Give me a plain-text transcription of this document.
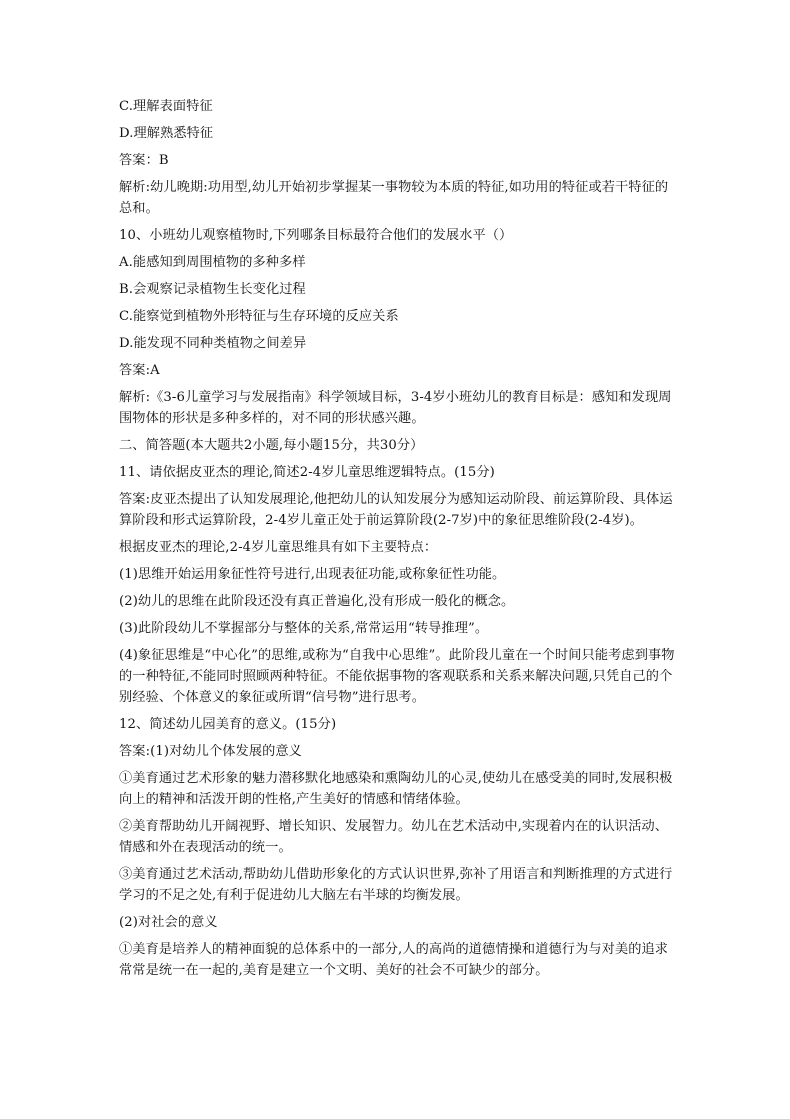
C.理解表面特征

D.理解熟悉特征

答案：B

解析:幼儿晚期:功用型,幼儿开始初步掌握某一事物较为本质的特征,如功用的特征或若干特征的总和。

10、小班幼儿观察植物时,下列哪条目标最符合他们的发展水平（）

A.能感知到周围植物的多种多样

B.会观察记录植物生长变化过程

C.能察觉到植物外形特征与生存环境的反应关系

D.能发现不同种类植物之间差异

答案:A

解析:《3-6儿童学习与发展指南》科学领域目标，3-4岁小班幼儿的教育目标是：感知和发现周围物体的形状是多种多样的，对不同的形状感兴趣。

二、简答题(本大题共2小题,每小题15分，共30分）

11、请依据皮亚杰的理论,简述2-4岁儿童思维逻辑特点。(15分)

答案:皮亚杰提出了认知发展理论,他把幼儿的认知发展分为感知运动阶段、前运算阶段、具体运算阶段和形式运算阶段，2-4岁儿童正处于前运算阶段(2-7岁)中的象征思维阶段(2-4岁)。

根据皮亚杰的理论,2-4岁儿童思维具有如下主要特点：

(1)思维开始运用象征性符号进行,出现表征功能,或称象征性功能。

(2)幼儿的思维在此阶段还没有真正普遍化,没有形成一般化的概念。

(3)此阶段幼儿不掌握部分与整体的关系,常常运用“转导推理”。

(4)象征思维是“中心化”的思维,或称为“自我中心思维”。此阶段儿童在一个时间只能考虑到事物的一种特征,不能同时照顾两种特征。不能依据事物的客观联系和关系来解决问题,只凭自己的个别经验、个体意义的象征或所谓“信号物”进行思考。

12、简述幼儿园美育的意义。(15分)

答案:(1)对幼儿个体发展的意义

①美育通过艺术形象的魅力潜移默化地感染和熏陶幼儿的心灵,使幼儿在感受美的同时,发展积极向上的精神和活泼开朗的性格,产生美好的情感和情绪体验。

②美育帮助幼儿开阔视野、增长知识、发展智力。幼儿在艺术活动中,实现着内在的认识活动、情感和外在表现活动的统一。

③美育通过艺术活动,帮助幼儿借助形象化的方式认识世界,弥补了用语言和判断推理的方式进行学习的不足之处,有利于促进幼儿大脑左右半球的均衡发展。

(2)对社会的意义

①美育是培养人的精神面貌的总体系中的一部分,人的高尚的道德情操和道德行为与对美的追求常常是统一在一起的,美育是建立一个文明、美好的社会不可缺少的部分。
